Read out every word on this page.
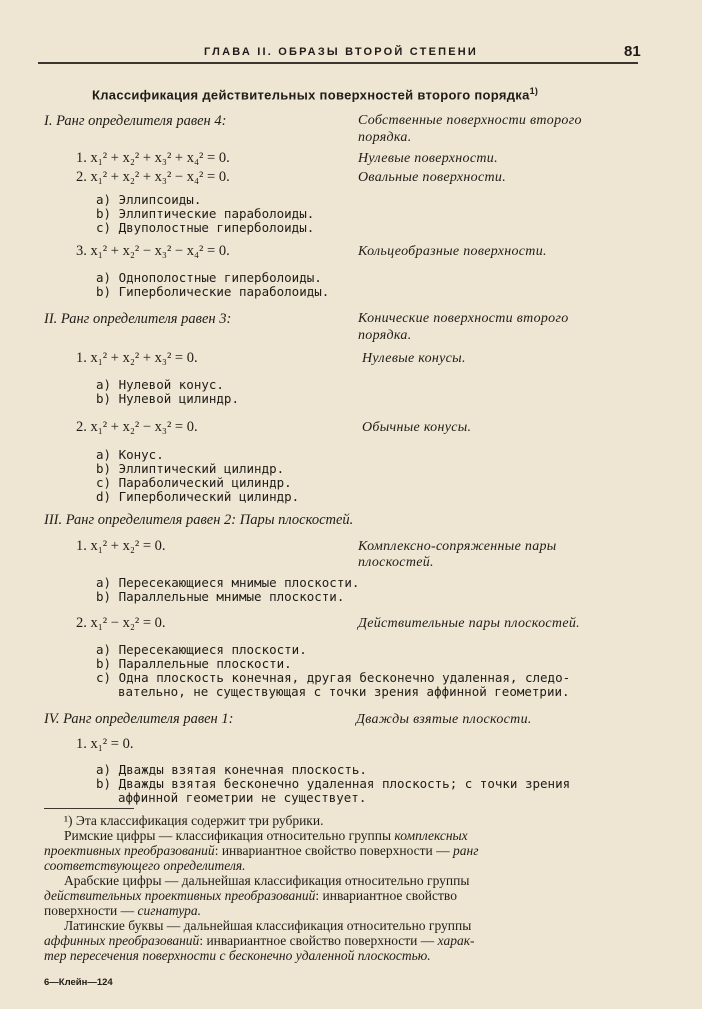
ГЛАВА II. ОБРАЗЫ ВТОРОЙ СТЕПЕНИ	81
Классификация действительных поверхностей второго порядка$^{1)}$
I. Ранг определителя равен 4:	Собственные поверхности второго
порядка.
1. x₁² + x₂² + x₃² + x₄² = 0.	Нулевые поверхности.
2. x₁² + x₂² + x₃² − x₄² = 0.	Овальные поверхности.
a) Эллипсоиды.
b) Эллиптические параболоиды.
c) Двуполостные гиперболоиды.
3. x₁² + x₂² − x₃² − x₄² = 0.	Кольцеобразные поверхности.
a) Однополостные гиперболоиды.
b) Гиперболические параболоиды.
II. Ранг определителя равен 3:	Конические поверхности второго
порядка.
1. x₁² + x₂² + x₃² = 0.	Нулевые конусы.
a) Нулевой конус.
b) Нулевой цилиндр.
2. x₁² + x₂² − x₃² = 0.	Обычные конусы.
a) Конус.
b) Эллиптический цилиндр.
c) Параболический цилиндр.
d) Гиперболический цилиндр.
III. Ранг определителя равен 2: Пары плоскостей.
1. x₁² + x₂² = 0.	Комплексно-сопряженные пары
плоскостей.
a) Пересекающиеся мнимые плоскости.
b) Параллельные мнимые плоскости.
2. x₁² − x₂² = 0.	Действительные пары плоскостей.
a) Пересекающиеся плоскости.
b) Параллельные плоскости.
c) Одна плоскость конечная, другая бесконечно удаленная, следо-
вательно, не существующая с точки зрения аффинной геометрии.
IV. Ранг определителя равен 1:	Дважды взятые плоскости.
1. x₁² = 0.
a) Дважды взятая конечная плоскость.
b) Дважды взятая бесконечно удаленная плоскость; с точки зрения
аффинной геометрии не существует.
¹) Эта классификация содержит три рубрики.
Римские цифры — классификация относительно группы комплексных
проективных преобразований: инвариантное свойство поверхности — ранг
соответствующего определителя.
Арабские цифры — дальнейшая классификация относительно группы
действительных проективных преобразований: инвариантное свойство
поверхности — сигнатура.
Латинские буквы — дальнейшая классификация относительно группы
аффинных преобразований: инвариантное свойство поверхности — харак-
тер пересечения поверхности с бесконечно удаленной плоскостью.
6—Клейн—124
